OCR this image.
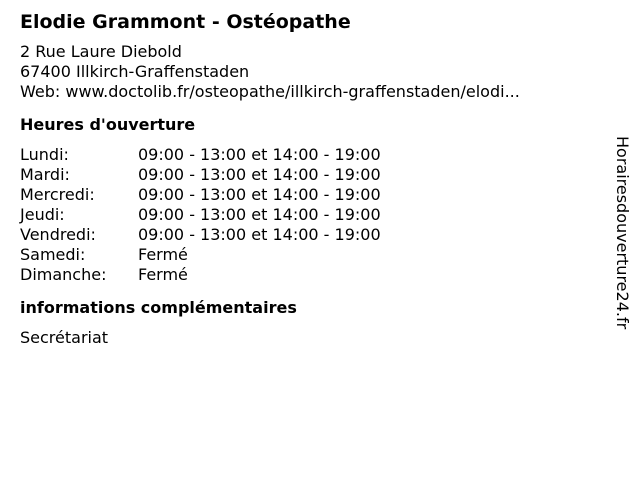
Elodie Grammont - Ostéopathe
2 Rue Laure Diebold
67400 Illkirch-Graffenstaden
Web: www.doctolib.fr/osteopathe/illkirch-graffenstaden/elodi...
Heures d'ouverture
Lundi:	09:00 - 13:00 et 14:00 - 19:00
Mardi:	09:00 - 13:00 et 14:00 - 19:00
Mercredi:	09:00 - 13:00 et 14:00 - 19:00
Jeudi:	09:00 - 13:00 et 14:00 - 19:00
Vendredi:	09:00 - 13:00 et 14:00 - 19:00
Samedi:	Fermé
Dimanche:	Fermé
informations complémentaires
Secrétariat
Horairesdouverture24.fr
